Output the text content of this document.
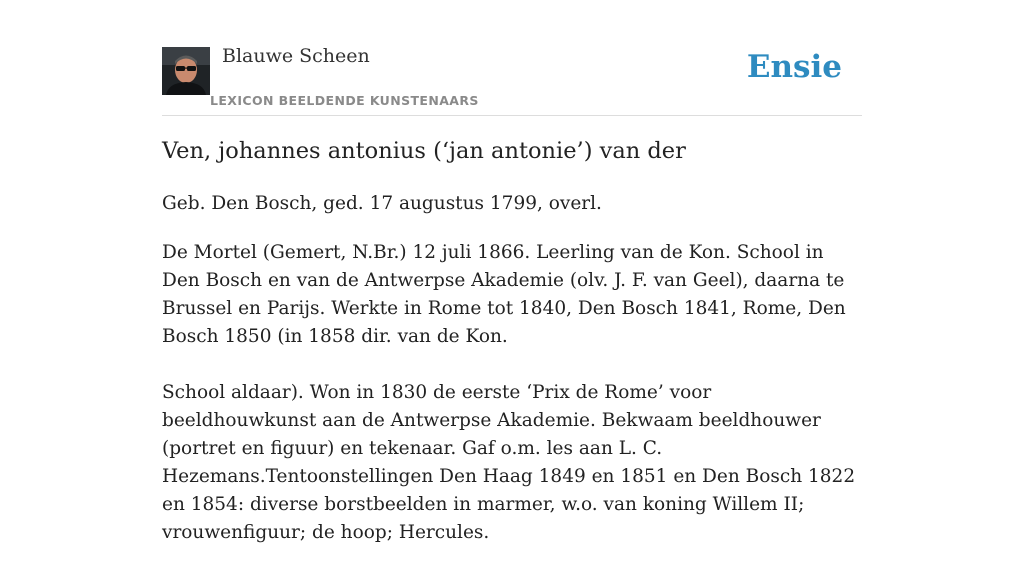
Blauwe Scheen
LEXICON BEELDENDE KUNSTENAARS
Ensie
Ven, johannes antonius (‘jan antonie’) van der

Geb. Den Bosch, ged. 17 augustus 1799, overl.

De Mortel (Gemert, N.Br.) 12 juli 1866. Leerling van de Kon. School in Den Bosch en van de Antwerpse Akademie (olv. J. F. van Geel), daarna te Brussel en Parijs. Werkte in Rome tot 1840, Den Bosch 1841, Rome, Den Bosch 1850 (in 1858 dir. van de Kon.

School aldaar). Won in 1830 de eerste ‘Prix de Rome’ voor beeldhouwkunst aan de Antwerpse Akademie. Bekwaam beeldhouwer (portret en figuur) en tekenaar. Gaf o.m. les aan L. C. Hezemans.Tentoonstellingen Den Haag 1849 en 1851 en Den Bosch 1822 en 1854: diverse borstbeelden in marmer, w.o. van koning Willem II; vrouwenfiguur; de hoop; Hercules.
